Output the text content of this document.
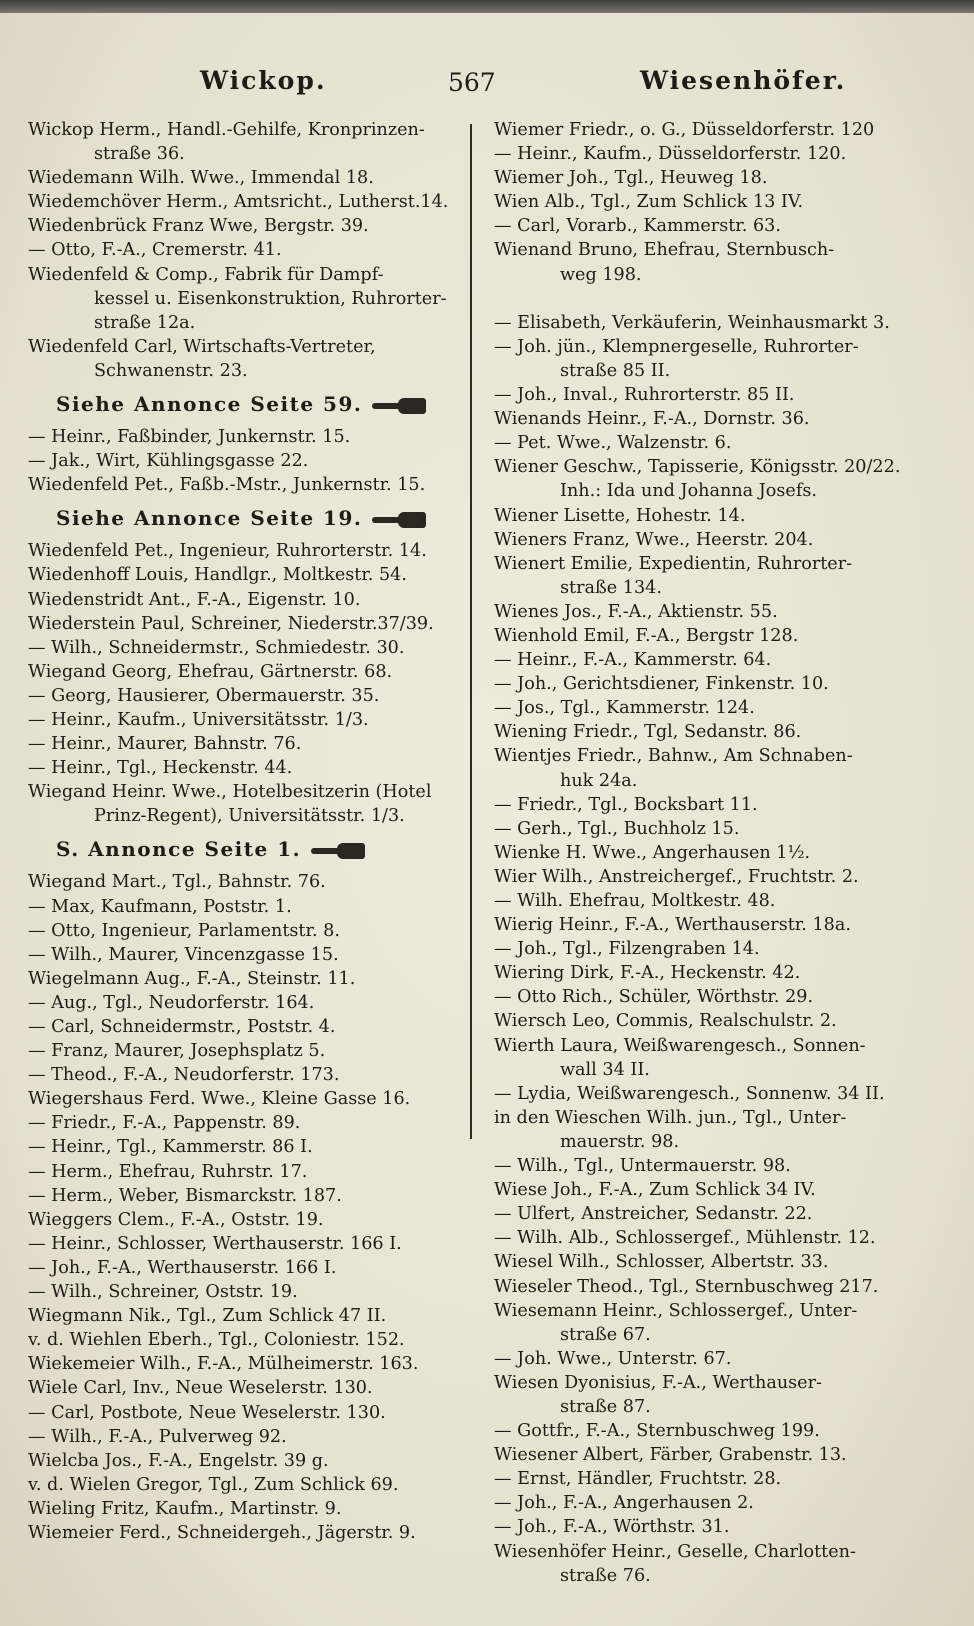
Wickop.	567	Wiesenhöfer.
Wickop Herm., Handl.-Gehilfe, Kronprinzen-
straße 36.
Wiedemann Wilh. Wwe., Immendal 18.
Wiedemchöver Herm., Amtsricht., Lutherst.14.
Wiedenbrück Franz Wwe, Bergstr. 39.
— Otto, F.-A., Cremerstr. 41.
Wiedenfeld & Comp., Fabrik für Dampf-
kessel u. Eisenkonstruktion, Ruhrorter-
straße 12a.
Wiedenfeld Carl, Wirtschafts-Vertreter,
Schwanenstr. 23.
Siehe Annonce Seite 59.
— Heinr., Faßbinder, Junkernstr. 15.
— Jak., Wirt, Kühlingsgasse 22.
Wiedenfeld Pet., Faßb.-Mstr., Junkernstr. 15.
Siehe Annonce Seite 19.
Wiedenfeld Pet., Ingenieur, Ruhrorterstr. 14.
Wiedenhoff Louis, Handlgr., Moltkestr. 54.
Wiedenstridt Ant., F.-A., Eigenstr. 10.
Wiederstein Paul, Schreiner, Niederstr.37/39.
— Wilh., Schneidermstr., Schmiedestr. 30.
Wiegand Georg, Ehefrau, Gärtnerstr. 68.
— Georg, Hausierer, Obermauerstr. 35.
— Heinr., Kaufm., Universitätsstr. 1/3.
— Heinr., Maurer, Bahnstr. 76.
— Heinr., Tgl., Heckenstr. 44.
Wiegand Heinr. Wwe., Hotelbesitzerin (Hotel
Prinz-Regent), Universitätsstr. 1/3.
S. Annonce Seite 1.
Wiegand Mart., Tgl., Bahnstr. 76.
— Max, Kaufmann, Poststr. 1.
— Otto, Ingenieur, Parlamentstr. 8.
— Wilh., Maurer, Vincenzgasse 15.
Wiegelmann Aug., F.-A., Steinstr. 11.
— Aug., Tgl., Neudorferstr. 164.
— Carl, Schneidermstr., Poststr. 4.
— Franz, Maurer, Josephsplatz 5.
— Theod., F.-A., Neudorferstr. 173.
Wiegershaus Ferd. Wwe., Kleine Gasse 16.
— Friedr., F.-A., Pappenstr. 89.
— Heinr., Tgl., Kammerstr. 86 I.
— Herm., Ehefrau, Ruhrstr. 17.
— Herm., Weber, Bismarckstr. 187.
Wieggers Clem., F.-A., Oststr. 19.
— Heinr., Schlosser, Werthauserstr. 166 I.
— Joh., F.-A., Werthauserstr. 166 I.
— Wilh., Schreiner, Oststr. 19.
Wiegmann Nik., Tgl., Zum Schlick 47 II.
v. d. Wiehlen Eberh., Tgl., Coloniestr. 152.
Wiekemeier Wilh., F.-A., Mülheimerstr. 163.
Wiele Carl, Inv., Neue Weselerstr. 130.
— Carl, Postbote, Neue Weselerstr. 130.
— Wilh., F.-A., Pulverweg 92.
Wielcba Jos., F.-A., Engelstr. 39 g.
v. d. Wielen Gregor, Tgl., Zum Schlick 69.
Wieling Fritz, Kaufm., Martinstr. 9.
Wiemeier Ferd., Schneidergeh., Jägerstr. 9.
Wiemer Friedr., o. G., Düsseldorferstr. 120
— Heinr., Kaufm., Düsseldorferstr. 120.
Wiemer Joh., Tgl., Heuweg 18.
Wien Alb., Tgl., Zum Schlick 13 IV.
— Carl, Vorarb., Kammerstr. 63.
Wienand Bruno, Ehefrau, Sternbusch-
weg 198.
— Elisabeth, Verkäuferin, Weinhausmarkt 3.
— Joh. jün., Klempnergeselle, Ruhrorter-
straße 85 II.
— Joh., Inval., Ruhrorterstr. 85 II.
Wienands Heinr., F.-A., Dornstr. 36.
— Pet. Wwe., Walzenstr. 6.
Wiener Geschw., Tapisserie, Königsstr. 20/22.
Inh.: Ida und Johanna Josefs.
Wiener Lisette, Hohestr. 14.
Wieners Franz, Wwe., Heerstr. 204.
Wienert Emilie, Expedientin, Ruhrorter-
straße 134.
Wienes Jos., F.-A., Aktienstr. 55.
Wienhold Emil, F.-A., Bergstr 128.
— Heinr., F.-A., Kammerstr. 64.
— Joh., Gerichtsdiener, Finkenstr. 10.
— Jos., Tgl., Kammerstr. 124.
Wiening Friedr., Tgl, Sedanstr. 86.
Wientjes Friedr., Bahnw., Am Schnaben-
huk 24a.
— Friedr., Tgl., Bocksbart 11.
— Gerh., Tgl., Buchholz 15.
Wienke H. Wwe., Angerhausen 1½.
Wier Wilh., Anstreichergef., Fruchtstr. 2.
— Wilh. Ehefrau, Moltkestr. 48.
Wierig Heinr., F.-A., Werthauserstr. 18a.
— Joh., Tgl., Filzengraben 14.
Wiering Dirk, F.-A., Heckenstr. 42.
— Otto Rich., Schüler, Wörthstr. 29.
Wiersch Leo, Commis, Realschulstr. 2.
Wierth Laura, Weißwarengesch., Sonnen-
wall 34 II.
— Lydia, Weißwarengesch., Sonnenw. 34 II.
in den Wieschen Wilh. jun., Tgl., Unter-
mauerstr. 98.
— Wilh., Tgl., Untermauerstr. 98.
Wiese Joh., F.-A., Zum Schlick 34 IV.
— Ulfert, Anstreicher, Sedanstr. 22.
— Wilh. Alb., Schlossergef., Mühlenstr. 12.
Wiesel Wilh., Schlosser, Albertstr. 33.
Wieseler Theod., Tgl., Sternbuschweg 217.
Wiesemann Heinr., Schlossergef., Unter-
straße 67.
— Joh. Wwe., Unterstr. 67.
Wiesen Dyonisius, F.-A., Werthauser-
straße 87.
— Gottfr., F.-A., Sternbuschweg 199.
Wiesener Albert, Färber, Grabenstr. 13.
— Ernst, Händler, Fruchtstr. 28.
— Joh., F.-A., Angerhausen 2.
— Joh., F.-A., Wörthstr. 31.
Wiesenhöfer Heinr., Geselle, Charlotten-
straße 76.
